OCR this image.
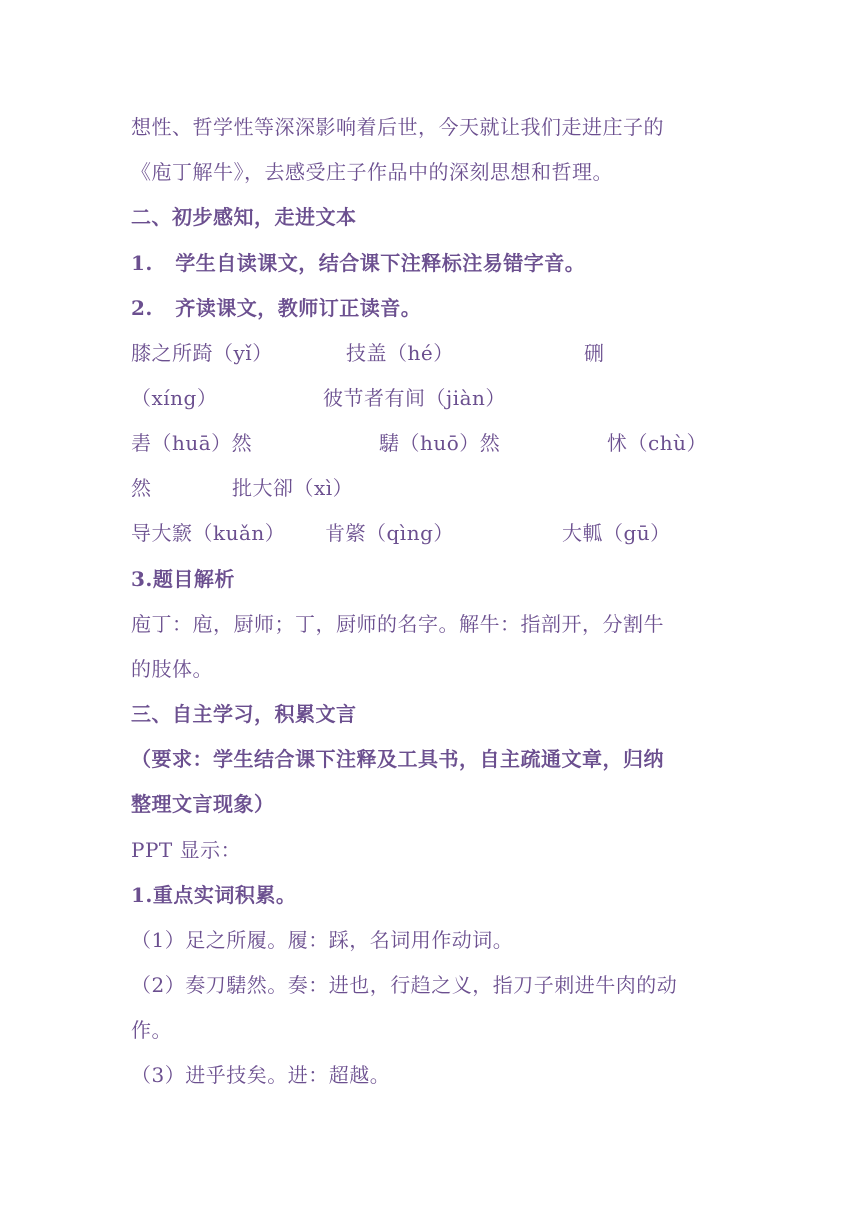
想性、哲学性等深深影响着后世，今天就让我们走进庄子的
《庖丁解牛》，去感受庄子作品中的深刻思想和哲理。
二、初步感知，走进文本
1.   学生自读课文，结合课下注释标注易错字音。
2.   齐读课文，教师订正读音。
膝之所踦（yǐ）	技盖（hé）	硎
（xíng）	彼节者有间（jiàn）
砉（huā）然	騞（huō）然	怵（chù）
然	批大卻（xì）
导大窾（kuǎn） 肯綮（qìng）	大軱（gū）
3.题目解析
庖丁：庖，厨师；丁，厨师的名字。解牛：指剖开，分割牛
的肢体。
三、自主学习，积累文言
（要求：学生结合课下注释及工具书，自主疏通文章，归纳
整理文言现象）
PPT 显示：
1.重点实词积累。
（1）足之所履。履：踩，名词用作动词。
（2）奏刀騞然。奏：进也，行趋之义，指刀子刺进牛肉的动
作。
（3）进乎技矣。进：超越。
